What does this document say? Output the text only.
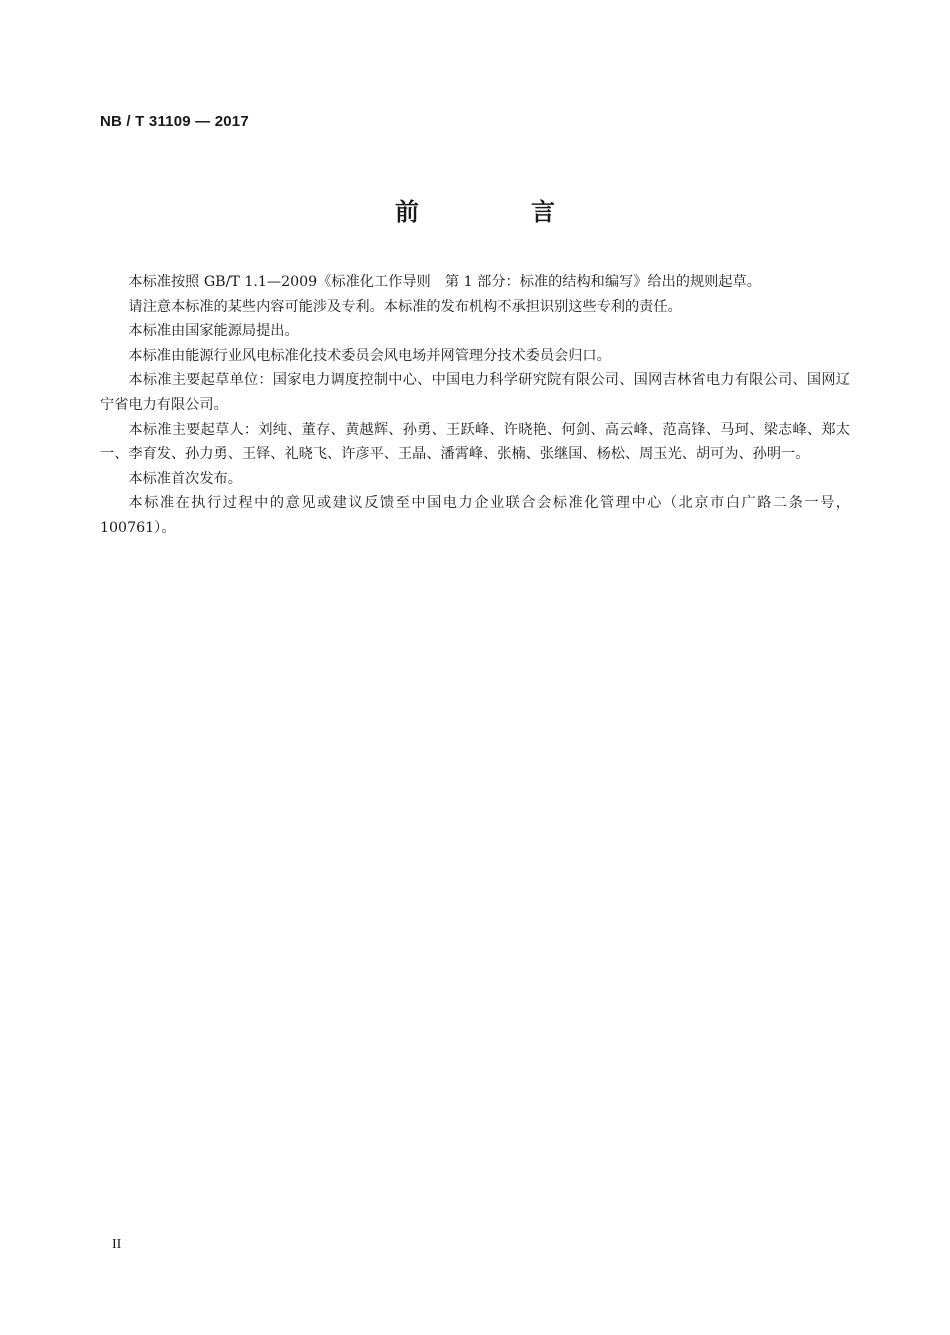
NB / T 31109 — 2017
前　言

本标准按照 GB/T 1.1—2009《标准化工作导则　第 1 部分：标准的结构和编写》给出的规则起草。

请注意本标准的某些内容可能涉及专利。本标准的发布机构不承担识别这些专利的责任。

本标准由国家能源局提出。

本标准由能源行业风电标准化技术委员会风电场并网管理分技术委员会归口。

本标准主要起草单位：国家电力调度控制中心、中国电力科学研究院有限公司、国网吉林省电力有限公司、国网辽宁省电力有限公司。

本标准主要起草人：刘纯、董存、黄越辉、孙勇、王跃峰、许晓艳、何剑、高云峰、范高锋、马珂、梁志峰、郑太一、李育发、孙力勇、王铎、礼晓飞、许彦平、王晶、潘霄峰、张楠、张继国、杨松、周玉光、胡可为、孙明一。

本标准首次发布。

本标准在执行过程中的意见或建议反馈至中国电力企业联合会标准化管理中心（北京市白广路二条一号，100761）。

II
